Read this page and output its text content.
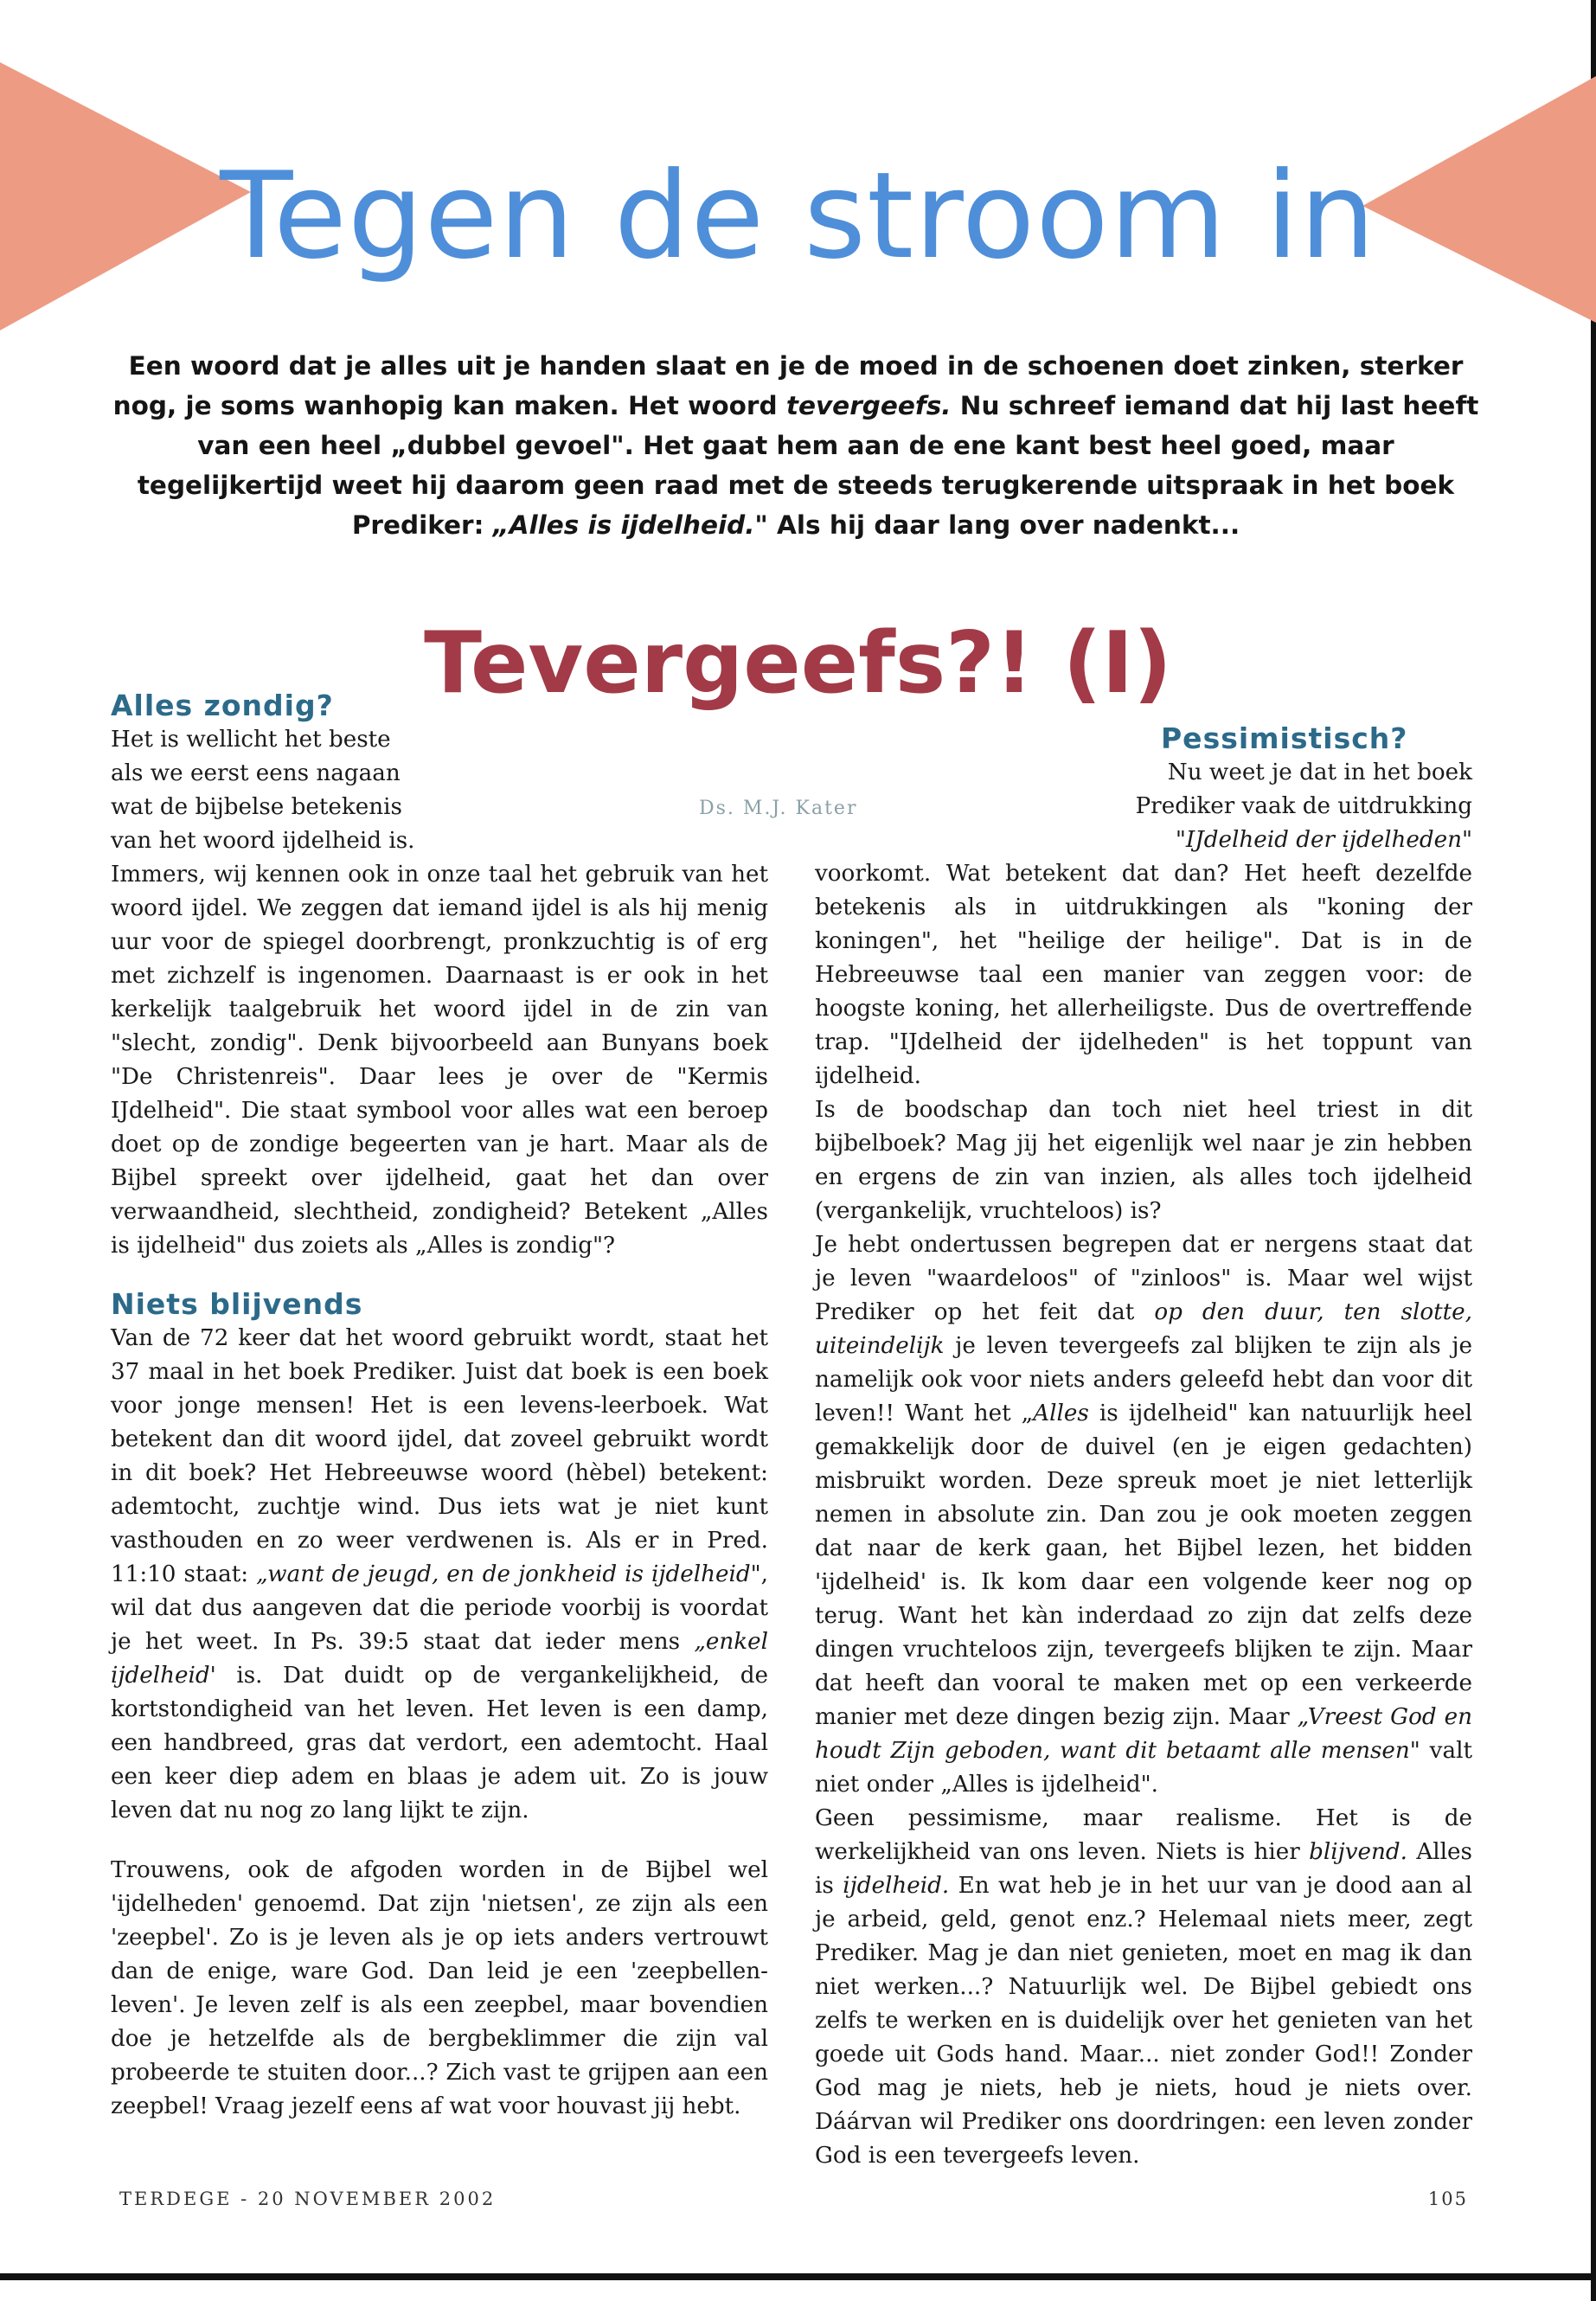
Tegen de stroom in
Een woord dat je alles uit je handen slaat en je de moed in de schoenen doet zinken, sterker nog, je soms wanhopig kan maken. Het woord tevergeefs. Nu schreef iemand dat hij last heeft van een heel „dubbel gevoel". Het gaat hem aan de ene kant best heel goed, maar tegelijkertijd weet hij daarom geen raad met de steeds terugkerende uitspraak in het boek Prediker: „Alles is ijdelheid." Als hij daar lang over nadenkt...
Tevergeefs?! (I)
Ds. M.J. Kater
Alles zondig?

Het is wellicht het beste als we eerst eens nagaan wat de bijbelse betekenis van het woord ijdelheid is.

Immers, wij kennen ook in onze taal het gebruik van het woord ijdel. We zeggen dat iemand ijdel is als hij menig uur voor de spiegel doorbrengt, pronkzuchtig is of erg met zichzelf is ingenomen. Daarnaast is er ook in het kerkelijk taalgebruik het woord ijdel in de zin van "slecht, zondig". Denk bijvoorbeeld aan Bunyans boek "De Christenreis". Daar lees je over de "Kermis IJdelheid". Die staat symbool voor alles wat een beroep doet op de zondige begeerten van je hart. Maar als de Bijbel spreekt over ijdelheid, gaat het dan over verwaandheid, slechtheid, zondigheid? Betekent „Alles is ijdelheid" dus zoiets als „Alles is zondig"?

Niets blijvends

Van de 72 keer dat het woord gebruikt wordt, staat het 37 maal in het boek Prediker. Juist dat boek is een boek voor jonge mensen! Het is een levens-leerboek. Wat betekent dan dit woord ijdel, dat zoveel gebruikt wordt in dit boek? Het Hebreeuwse woord (hèbel) betekent: ademtocht, zuchtje wind. Dus iets wat je niet kunt vasthouden en zo weer verdwenen is. Als er in Pred. 11:10 staat: „want de jeugd, en de jonkheid is ijdelheid", wil dat dus aangeven dat die periode voorbij is voordat je het weet. In Ps. 39:5 staat dat ieder mens „enkel ijdelheid' is. Dat duidt op de vergankelijkheid, de kortstondigheid van het leven. Het leven is een damp, een handbreed, gras dat verdort, een ademtocht. Haal een keer diep adem en blaas je adem uit. Zo is jouw leven dat nu nog zo lang lijkt te zijn.

Trouwens, ook de afgoden worden in de Bijbel wel 'ijdelheden' genoemd. Dat zijn 'nietsen', ze zijn als een 'zeepbel'. Zo is je leven als je op iets anders vertrouwt dan de enige, ware God. Dan leid je een 'zeepbellen-leven'. Je leven zelf is als een zeepbel, maar bovendien doe je hetzelfde als de bergbeklimmer die zijn val probeerde te stuiten door...? Zich vast te grijpen aan een zeepbel! Vraag jezelf eens af wat voor houvast jij hebt.

Pessimistisch?

Nu weet je dat in het boek Prediker vaak de uitdrukking "IJdelheid der ijdelheden"
voorkomt. Wat betekent dat dan? Het heeft dezelfde betekenis als in uitdrukkingen als "koning der koningen", het "heilige der heilige". Dat is in de Hebreeuwse taal een manier van zeggen voor: de hoogste koning, het allerheiligste. Dus de overtreffende trap. "IJdelheid der ijdelheden" is het toppunt van ijdelheid.

Is de boodschap dan toch niet heel triest in dit bijbelboek? Mag jij het eigenlijk wel naar je zin hebben en ergens de zin van inzien, als alles toch ijdelheid (vergankelijk, vruchteloos) is?

Je hebt ondertussen begrepen dat er nergens staat dat je leven "waardeloos" of "zinloos" is. Maar wel wijst Prediker op het feit dat op den duur, ten slotte, uiteindelijk je leven tevergeefs zal blijken te zijn als je namelijk ook voor niets anders geleefd hebt dan voor dit leven!! Want het „Alles is ijdelheid" kan natuurlijk heel gemakkelijk door de duivel (en je eigen gedachten) misbruikt worden. Deze spreuk moet je niet letterlijk nemen in absolute zin. Dan zou je ook moeten zeggen dat naar de kerk gaan, het Bijbel lezen, het bidden 'ijdelheid' is. Ik kom daar een volgende keer nog op terug. Want het kàn inderdaad zo zijn dat zelfs deze dingen vruchteloos zijn, tevergeefs blijken te zijn. Maar dat heeft dan vooral te maken met op een verkeerde manier met deze dingen bezig zijn. Maar „Vreest God en houdt Zijn geboden, want dit betaamt alle mensen" valt niet onder „Alles is ijdelheid".

Geen pessimisme, maar realisme. Het is de werkelijkheid van ons leven. Niets is hier blijvend. Alles is ijdelheid. En wat heb je in het uur van je dood aan al je arbeid, geld, genot enz.? Helemaal niets meer, zegt Prediker. Mag je dan niet genieten, moet en mag ik dan niet werken...? Natuurlijk wel. De Bijbel gebiedt ons zelfs te werken en is duidelijk over het genieten van het goede uit Gods hand. Maar... niet zonder God!! Zonder God mag je niets, heb je niets, houd je niets over. Dáárvan wil Prediker ons doordringen: een leven zonder God is een tevergeefs leven.

TERDEGE - 20 NOVEMBER 2002	105
